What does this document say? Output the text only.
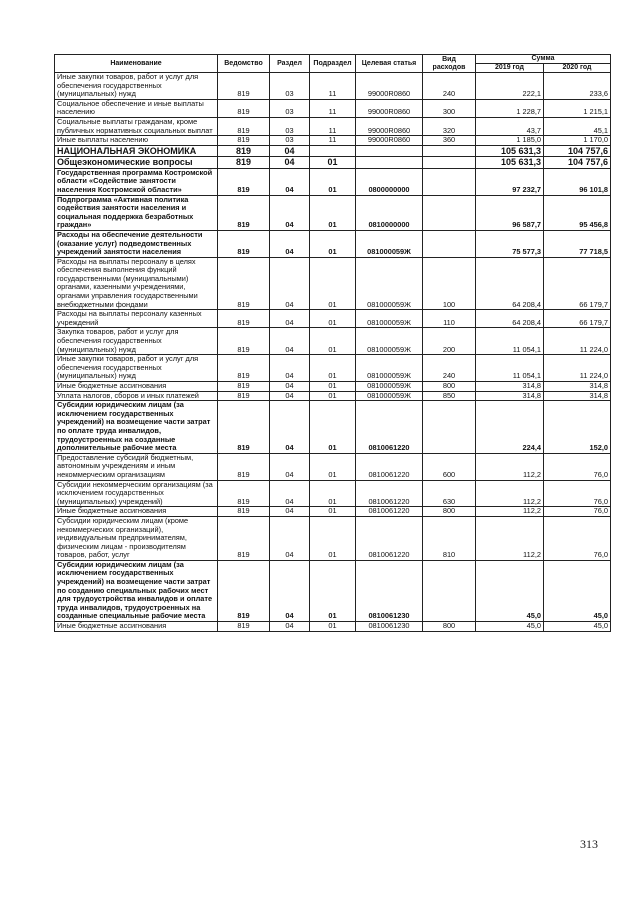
Наименование	Ведомство	Раздел	Подраздел	Целевая статья	Вид расходов	Сумма	
						2019 год	2020 год
Иные закупки товаров, работ и услуг для обеспечения государственных (муниципальных) нужд	819	03	11	99000R0860	240	222,1	233,6
Социальное обеспечение и иные выплаты населению	819	03	11	99000R0860	300	1 228,7	1 215,1
Социальные выплаты гражданам, кроме публичных нормативных социальных выплат	819	03	11	99000R0860	320	43,7	45,1
Иные выплаты населению	819	03	11	99000R0860	360	1 185,0	1 170,0
НАЦИОНАЛЬНАЯ ЭКОНОМИКА	819	04				105 631,3	104 757,6
Общеэкономические вопросы	819	04	01			105 631,3	104 757,6
Государственная программа Костромской области «Содействие занятости населения Костромской области»	819	04	01	0800000000		97 232,7	96 101,8
Подпрограмма «Активная политика содействия занятости населения и социальная поддержка безработных граждан»	819	04	01	0810000000		96 587,7	95 456,8
Расходы на обеспечение деятельности (оказание услуг) подведомственных учреждений занятости населения	819	04	01	081000059Ж		75 577,3	77 718,5
Расходы на выплаты персоналу в целях обеспечения выполнения функций государственными (муниципальными) органами, казенными учреждениями, органами управления государственными внебюджетными фондами	819	04	01	081000059Ж	100	64 208,4	66 179,7
Расходы на выплаты персоналу казенных учреждений	819	04	01	081000059Ж	110	64 208,4	66 179,7
Закупка товаров, работ и услуг для обеспечения государственных (муниципальных) нужд	819	04	01	081000059Ж	200	11 054,1	11 224,0
Иные закупки товаров, работ и услуг для обеспечения государственных (муниципальных) нужд	819	04	01	081000059Ж	240	11 054,1	11 224,0
Иные бюджетные ассигнования	819	04	01	081000059Ж	800	314,8	314,8
Уплата налогов, сборов и иных платежей	819	04	01	081000059Ж	850	314,8	314,8
Субсидии юридическим лицам (за исключением государственных учреждений) на возмещение части затрат по оплате труда инвалидов, трудоустроенных на созданные дополнительные рабочие места	819	04	01	0810061220		224,4	152,0
Предоставление субсидий бюджетным, автономным учреждениям и иным некоммерческим организациям	819	04	01	0810061220	600	112,2	76,0
Субсидии некоммерческим организациям (за исключением государственных (муниципальных) учреждений)	819	04	01	0810061220	630	112,2	76,0
Иные бюджетные ассигнования	819	04	01	0810061220	800	112,2	76,0
Субсидии юридическим лицам (кроме некоммерческих организаций), индивидуальным предпринимателям, физическим лицам - производителям товаров, работ, услуг	819	04	01	0810061220	810	112,2	76,0
Субсидии юридическим лицам (за исключением государственных учреждений) на возмещение части затрат по созданию специальных рабочих мест для трудоустройства инвалидов и оплате труда инвалидов, трудоустроенных на созданные специальные рабочие места	819	04	01	0810061230		45,0	45,0
Иные бюджетные ассигнования	819	04	01	0810061230	800	45,0	45,0
313
